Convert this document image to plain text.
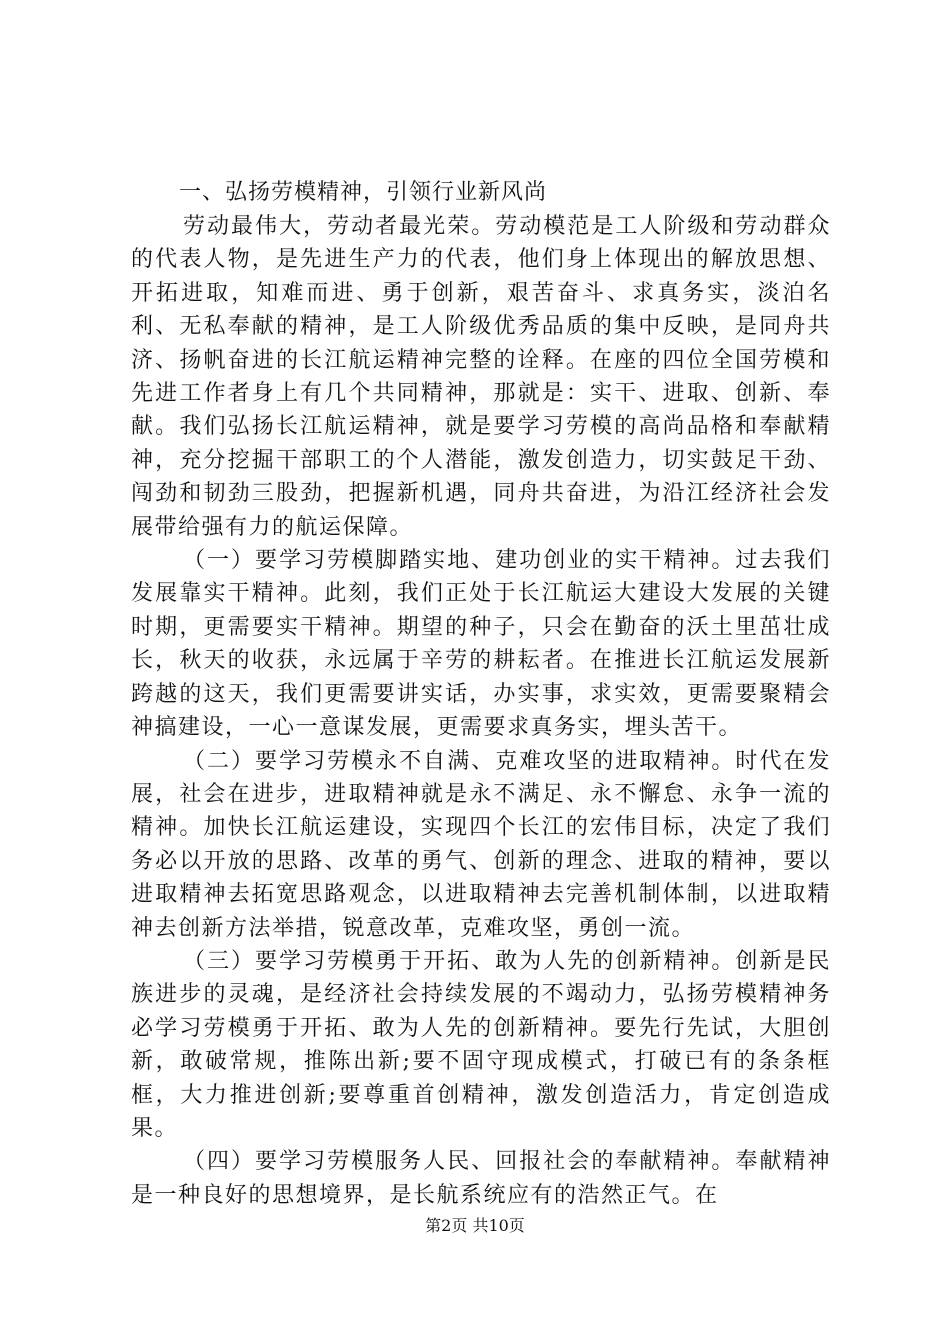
一、弘扬劳模精神，引领行业新风尚

劳动最伟大，劳动者最光荣。劳动模范是工人阶级和劳动群众的代表人物，是先进生产力的代表，他们身上体现出的解放思想、开拓进取，知难而进、勇于创新，艰苦奋斗、求真务实，淡泊名利、无私奉献的精神，是工人阶级优秀品质的集中反映，是同舟共济、扬帆奋进的长江航运精神完整的诠释。在座的四位全国劳模和先进工作者身上有几个共同精神，那就是：实干、进取、创新、奉献。我们弘扬长江航运精神，就是要学习劳模的高尚品格和奉献精神，充分挖掘干部职工的个人潜能，激发创造力，切实鼓足干劲、闯劲和韧劲三股劲，把握新机遇，同舟共奋进，为沿江经济社会发展带给强有力的航运保障。

（一）要学习劳模脚踏实地、建功创业的实干精神。过去我们发展靠实干精神。此刻，我们正处于长江航运大建设大发展的关键时期，更需要实干精神。期望的种子，只会在勤奋的沃土里茁壮成长，秋天的收获，永远属于辛劳的耕耘者。在推进长江航运发展新跨越的这天，我们更需要讲实话，办实事，求实效，更需要聚精会神搞建设，一心一意谋发展，更需要求真务实，埋头苦干。

（二）要学习劳模永不自满、克难攻坚的进取精神。时代在发展，社会在进步，进取精神就是永不满足、永不懈怠、永争一流的精神。加快长江航运建设，实现四个长江的宏伟目标，决定了我们务必以开放的思路、改革的勇气、创新的理念、进取的精神，要以进取精神去拓宽思路观念，以进取精神去完善机制体制，以进取精神去创新方法举措，锐意改革，克难攻坚，勇创一流。

（三）要学习劳模勇于开拓、敢为人先的创新精神。创新是民族进步的灵魂，是经济社会持续发展的不竭动力，弘扬劳模精神务必学习劳模勇于开拓、敢为人先的创新精神。要先行先试，大胆创新，敢破常规，推陈出新;要不固守现成模式，打破已有的条条框框，大力推进创新;要尊重首创精神，激发创造活力，肯定创造成果。

（四）要学习劳模服务人民、回报社会的奉献精神。奉献精神是一种良好的思想境界，是长航系统应有的浩然正气。在

第2页 共10页
